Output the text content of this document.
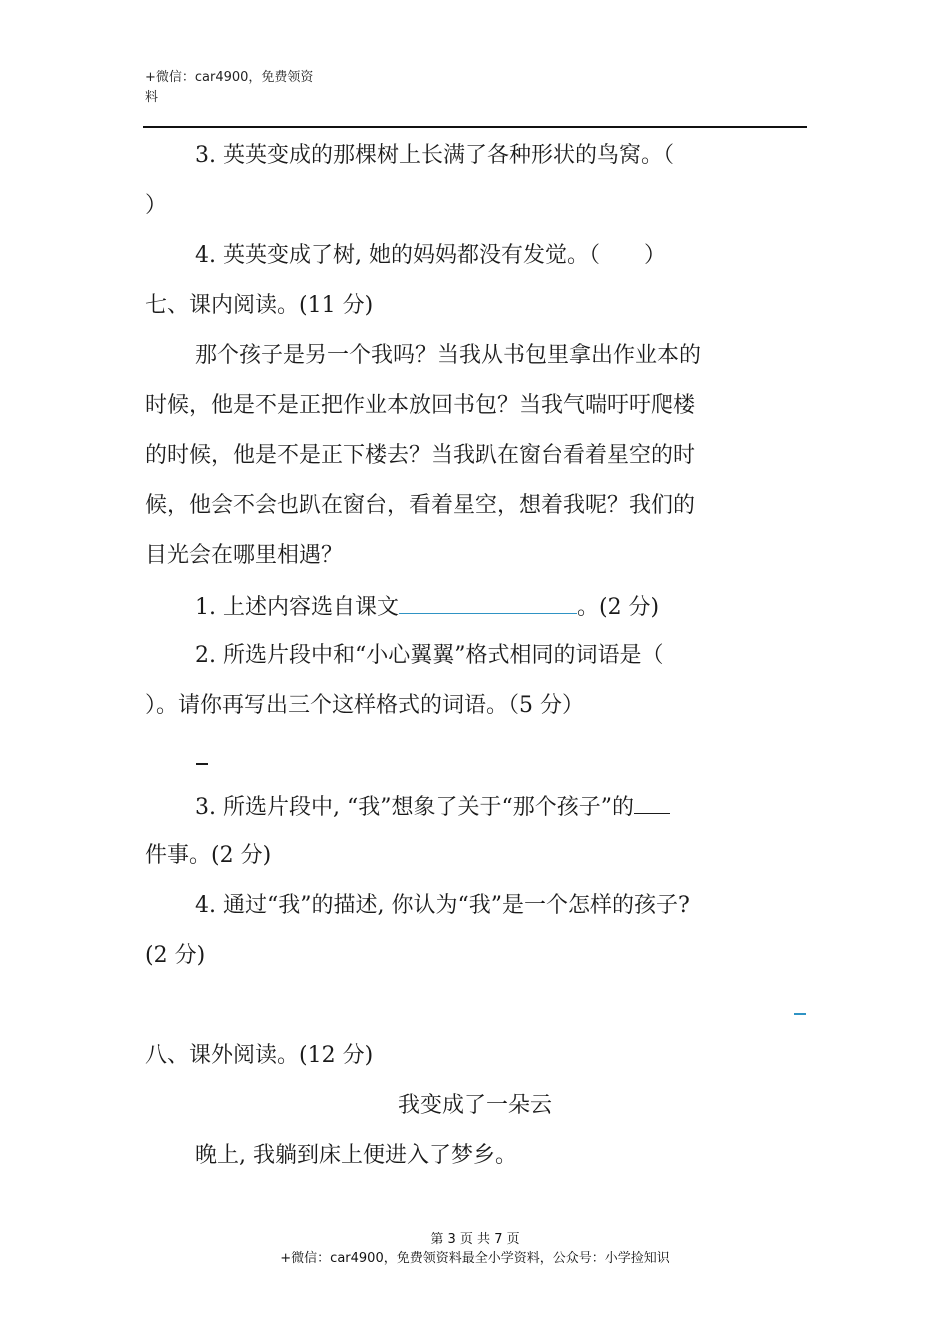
+微信：car4900，免费领资
料
3. 英英变成的那棵树上长满了各种形状的鸟窝。（
）
4. 英英变成了树, 她的妈妈都没有发觉。（　　）
七、课内阅读。(11 分)
那个孩子是另一个我吗？当我从书包里拿出作业本的
时候，他是不是正把作业本放回书包？当我气喘吁吁爬楼
的时候，他是不是正下楼去？当我趴在窗台看着星空的时
候，他会不会也趴在窗台，看着星空，想着我呢？我们的
目光会在哪里相遇？
1. 上述内容选自课文	。(2 分)
2. 所选片段中和“小心翼翼”格式相同的词语是（
）。请你再写出三个这样格式的词语。（5 分）
3. 所选片段中, “我”想象了关于“那个孩子”的
件事。(2 分)
4. 通过“我”的描述, 你认为“我”是一个怎样的孩子?
(2 分)
八、课外阅读。(12 分)
我变成了一朵云
晚上, 我躺到床上便进入了梦乡。
第 3 页 共 7 页
+微信：car4900，免费领资料最全小学资料，公众号：小学捡知识
